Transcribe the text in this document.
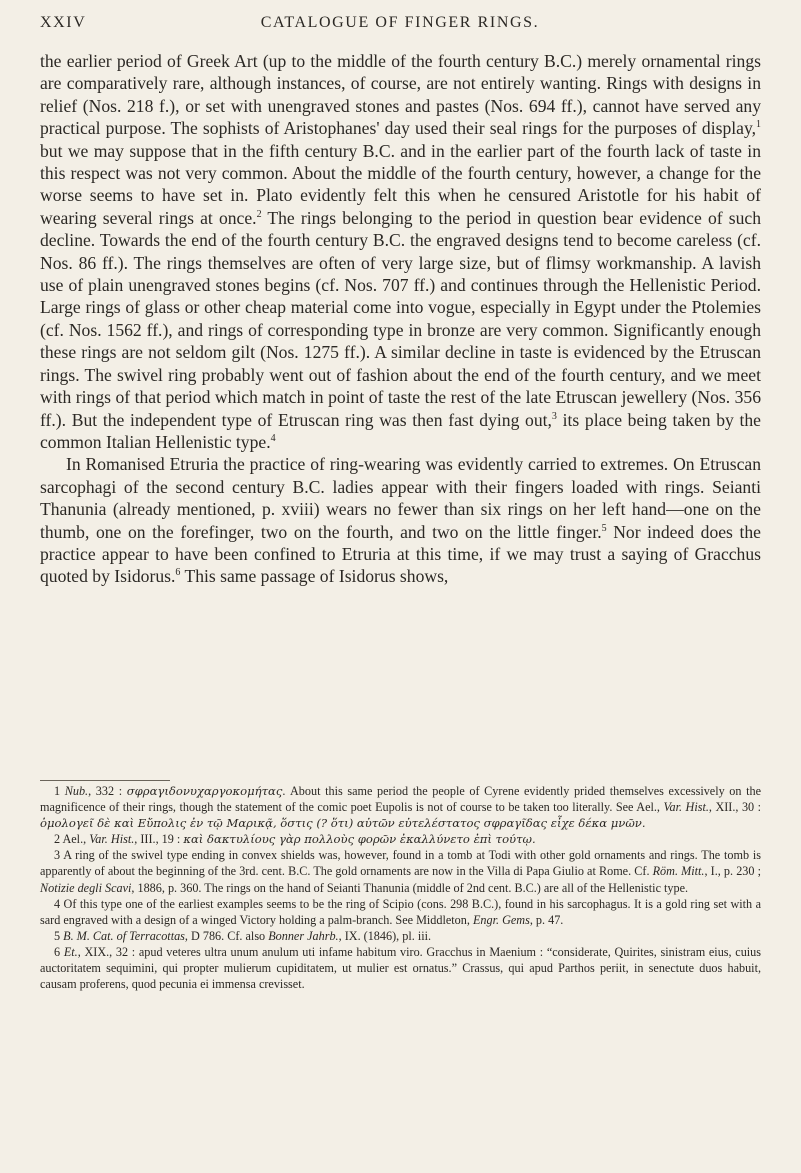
XXIV	CATALOGUE OF FINGER RINGS.

the earlier period of Greek Art (up to the middle of the fourth century B.C.) merely ornamental rings are comparatively rare, although instances, of course, are not entirely wanting. Rings with designs in relief (Nos. 218 f.), or set with unengraved stones and pastes (Nos. 694 ff.), cannot have served any practical purpose. The sophists of Aristophanes' day used their seal rings for the purposes of display,$^1$ but we may suppose that in the fifth century B.C. and in the earlier part of the fourth lack of taste in this respect was not very common. About the middle of the fourth century, however, a change for the worse seems to have set in. Plato evidently felt this when he censured Aristotle for his habit of wearing several rings at once.$^2$ The rings belonging to the period in question bear evidence of such decline. Towards the end of the fourth century B.C. the engraved designs tend to become careless (cf. Nos. 86 ff.). The rings themselves are often of very large size, but of flimsy workmanship. A lavish use of plain unengraved stones begins (cf. Nos. 707 ff.) and continues through the Hellenistic Period. Large rings of glass or other cheap material come into vogue, especially in Egypt under the Ptolemies (cf. Nos. 1562 ff.), and rings of corresponding type in bronze are very common. Significantly enough these rings are not seldom gilt (Nos. 1275 ff.). A similar decline in taste is evidenced by the Etruscan rings. The swivel ring probably went out of fashion about the end of the fourth century, and we meet with rings of that period which match in point of taste the rest of the late Etruscan jewellery (Nos. 356 ff.). But the independent type of Etruscan ring was then fast dying out,$^3$ its place being taken by the common Italian Hellenistic type.$^4$

In Romanised Etruria the practice of ring-wearing was evidently carried to extremes. On Etruscan sarcophagi of the second century B.C. ladies appear with their fingers loaded with rings. Seianti Thanunia (already mentioned, p. xviii) wears no fewer than six rings on her left hand—one on the thumb, one on the forefinger, two on the fourth, and two on the little finger.$^5$ Nor indeed does the practice appear to have been confined to Etruria at this time, if we may trust a saying of Gracchus quoted by Isidorus.$^6$ This same passage of Isidorus shows,

1 Nub., 332 : σφραγιδονυχαργοκομήτας. About this same period the people of Cyrene evidently prided themselves excessively on the magnificence of their rings, though the statement of the comic poet Eupolis is not of course to be taken too literally. See Ael., Var. Hist., XII., 30 : ὁμολογεῖ δὲ καὶ Εὔπολις ἐν τῷ Μαρικᾷ, ὅστις (? ὅτι) αὐτῶν εὐτελέστατος σφραγῖδας εἶχε δέκα μνῶν.

2 Ael., Var. Hist., III., 19 : καὶ δακτυλίους γὰρ πολλοὺς φορῶν ἐκαλλύνετο ἐπὶ τούτῳ.

3 A ring of the swivel type ending in convex shields was, however, found in a tomb at Todi with other gold ornaments and rings. The tomb is apparently of about the beginning of the 3rd. cent. B.C. The gold ornaments are now in the Villa di Papa Giulio at Rome. Cf. Röm. Mitt., I., p. 230 ; Notizie degli Scavi, 1886, p. 360. The rings on the hand of Seianti Thanunia (middle of 2nd cent. B.C.) are all of the Hellenistic type.

4 Of this type one of the earliest examples seems to be the ring of Scipio (cons. 298 B.C.), found in his sarcophagus. It is a gold ring set with a sard engraved with a design of a winged Victory holding a palm-branch. See Middleton, Engr. Gems, p. 47.

5 B. M. Cat. of Terracottas, D 786. Cf. also Bonner Jahrb., IX. (1846), pl. iii.

6 Et., XIX., 32 : apud veteres ultra unum anulum uti infame habitum viro. Gracchus in Maenium : “considerate, Quirites, sinistram eius, cuius auctoritatem sequimini, qui propter mulierum cupiditatem, ut mulier est ornatus.” Crassus, qui apud Parthos periit, in senectute duos habuit, causam proferens, quod pecunia ei immensa crevisset.
